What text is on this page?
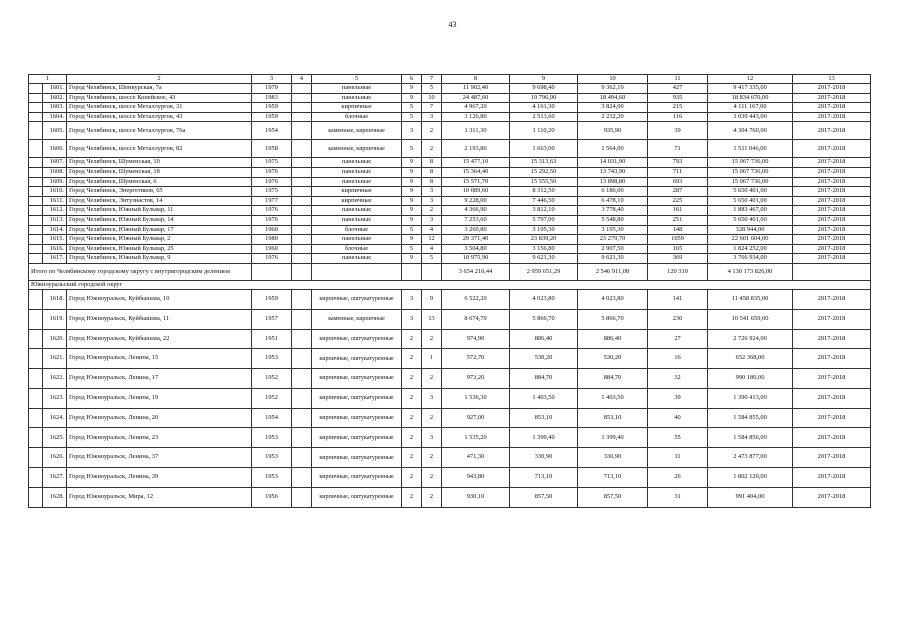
43
1		2	3	4	5	6	7	8	9	10	11	12	13
	1601.	Город Челябинск, Шенкурская, 7а	1979		панельные	9	5	11 902,40	9 698,40	9 362,10	427	9 417 335,00	2017-2018
	1602.	Город Челябинск, шоссе Копейское, 43	1983		панельные	9	10	24 487,60	19 796,90	18 494,60	935	18 834 670,00	2017-2018
	1603.	Город Челябинск, шоссе Металлургов, 31	1959		кирпичные	5	7	4 967,20	4 161,30	3 824,00	215	4 111 167,00	2017-2018
	1604.	Город Челябинск, шоссе Металлургов, 43	1959		блочные	5	3	3 126,80	2 513,60	2 232,20	116	3 039 443,00	2017-2018
	1605.	Город Челябинск, шоссе Металлургов, 76а	1954		каменные, кирпичные	3	2	1 311,30	1 110,20	935,90	39	4 304 760,00	2017-2018
	1606.	Город Челябинск, шоссе Металлургов, 82	1958		каменные, кирпичные	5	2	2 193,80	1 663,00	1 564,00	71	1 511 046,00	2017-2018
	1607.	Город Челябинск, Шуменская, 10	1975		панельные	9	8	15 477,10	15 313,63	14 031,90	793	15 067 736,00	2017-2018
	1608.	Город Челябинск, Шуменская, 18	1976		панельные	9	8	15 364,40	15 292,50	13 743,90	711	15 067 736,00	2017-2018
	1609.	Город Челябинск, Шуменская, 6	1976		панельные	9	8	15 571,70	15 555,50	13 898,80	693	15 067 736,00	2017-2018
	1610.	Город Челябинск, Энергетиков, 65	1975		кирпичные	9	3	10 089,60	8 312,50	6 186,00	287	5 650 401,00	2017-2018
	1611.	Город Челябинск, Энтузиастов, 14	1977		кирпичные	9	3	9 228,00	7 446,50	6 478,10	225	5 650 401,00	2017-2018
	1612.	Город Челябинск, Южный Бульвар, 11	1976		панельные	9	2	4 366,90	3 812,10	3 778,40	161	1 883 467,00	2017-2018
	1613.	Город Челябинск, Южный Бульвар, 14	1976		панельные	9	3	7 253,60	5 797,00	5 548,80	251	5 650 401,00	2017-2018
	1614.	Город Челябинск, Южный Бульвар, 17	1960		блочные	5	4	3 260,80	3 195,30	3 195,30	148	328 944,00	2017-2018
	1615.	Город Челябинск, Южный Бульвар, 2	1980		панельные	9	12	29 371,40	23 839,20	23 279,70	1059	22 601 604,00	2017-2018
	1616.	Город Челябинск, Южный Бульвар, 25	1960		блочные	5	4	3 504,80	3 156,80	2 907,50	165	1 824 252,00	2017-2018
	1617.	Город Челябинск, Южный Бульвар, 9	1976		панельные	9	5	10 975,90	9 621,30	9 621,30	369	3 766 934,00	2017-2018
Итого по Челябинскому городскому округу с внутригородским делением								3 654 210,44	2 959 651,29	2 546 911,08	120 310	4 130 173 826,00	
Южноуральский городской округ													
	1618.	Город Южноуральск, Куйбышева, 10	1959		кирпичные, оштукатуренные	3	9	6 522,20	4 023,80	4 023,80	141	11 458 835,00	2017-2018
	1619.	Город Южноуральск, Куйбышева, 11	1957		каменные, кирпичные	3	13	8 674,70	5 866,70	5 866,70	230	10 541 659,00	2017-2018
	1620.	Город Южноуральск, Куйбышева, 22	1951		кирпичные, оштукатуренные	2	2	974,90	886,40	886,40	27	2 726 924,00	2017-2018
	1621.	Город Южноуральск, Ленина, 15	1953		кирпичные, оштукатуренные	2	1	572,70	530,20	530,20	16	652 368,00	2017-2018
	1622.	Город Южноуральск, Ленина, 17	1952		кирпичные, оштукатуренные	2	2	973,20	884,70	884,70	32	990 180,00	2017-2018
	1623.	Город Южноуральск, Ленина, 19	1952		кирпичные, оштукатуренные	2	3	1 536,30	1 403,50	1 403,50	39	1 390 413,00	2017-2018
	1624.	Город Южноуральск, Ленина, 20	1954		кирпичные, оштукатуренные	2	2	927,00	853,10	853,10	40	1 584 855,00	2017-2018
	1625.	Город Южноуральск, Ленина, 23	1953		кирпичные, оштукатуренные	2	3	1 535,20	1 399,40	1 399,40	55	1 584 856,00	2017-2018
	1626.	Город Южноуральск, Ленина, 37	1953		кирпичные, оштукатуренные	2	2	471,30	330,90	330,90	11	2 473 877,00	2017-2018
	1627.	Город Южноуральск, Ленина, 39	1953		кирпичные, оштукатуренные	2	2	943,80	713,10	713,10	26	1 802 120,00	2017-2018
	1628.	Город Южноуральск, Мира, 12	1956		кирпичные, оштукатуренные	2	2	930,10	857,50	857,50	31	991 404,00	2017-2018
